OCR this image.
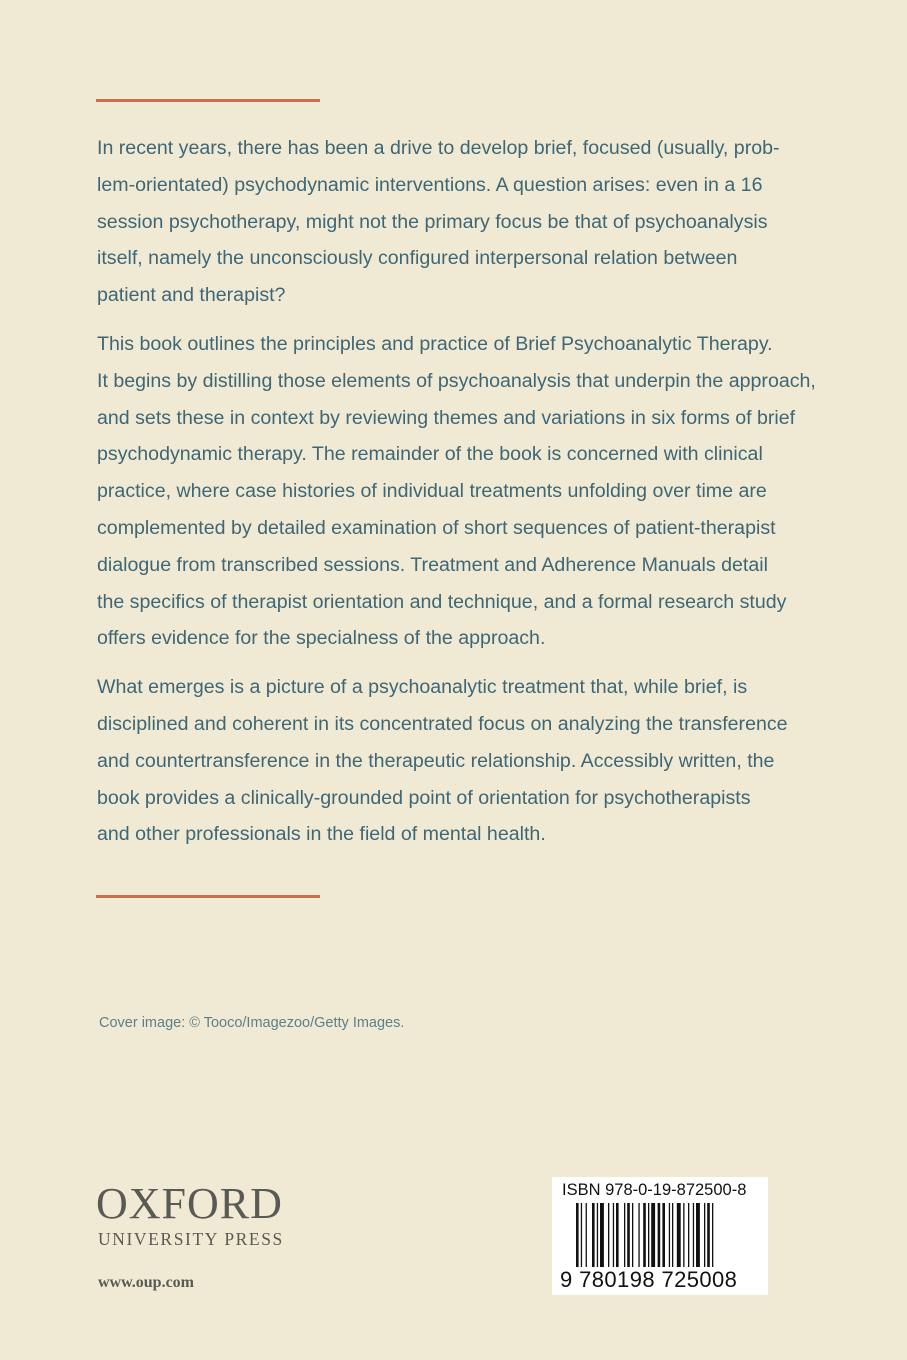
In recent years, there has been a drive to develop brief, focused (usually, prob-
lem-orientated) psychodynamic interventions. A question arises: even in a 16
session psychotherapy, might not the primary focus be that of psychoanalysis
itself, namely the unconsciously configured interpersonal relation between
patient and therapist?

This book outlines the principles and practice of Brief Psychoanalytic Therapy.
It begins by distilling those elements of psychoanalysis that underpin the approach,
and sets these in context by reviewing themes and variations in six forms of brief
psychodynamic therapy. The remainder of the book is concerned with clinical
practice, where case histories of individual treatments unfolding over time are
complemented by detailed examination of short sequences of patient-therapist
dialogue from transcribed sessions. Treatment and Adherence Manuals detail
the specifics of therapist orientation and technique, and a formal research study
offers evidence for the specialness of the approach.

What emerges is a picture of a psychoanalytic treatment that, while brief, is
disciplined and coherent in its concentrated focus on analyzing the transference
and countertransference in the therapeutic relationship. Accessibly written, the
book provides a clinically-grounded point of orientation for psychotherapists
and other professionals in the field of mental health.

Cover image: © Tooco/Imagezoo/Getty Images.
OXFORD
UNIVERSITY PRESS
www.oup.com
ISBN 978-0-19-872500-8
9 780198 725008
